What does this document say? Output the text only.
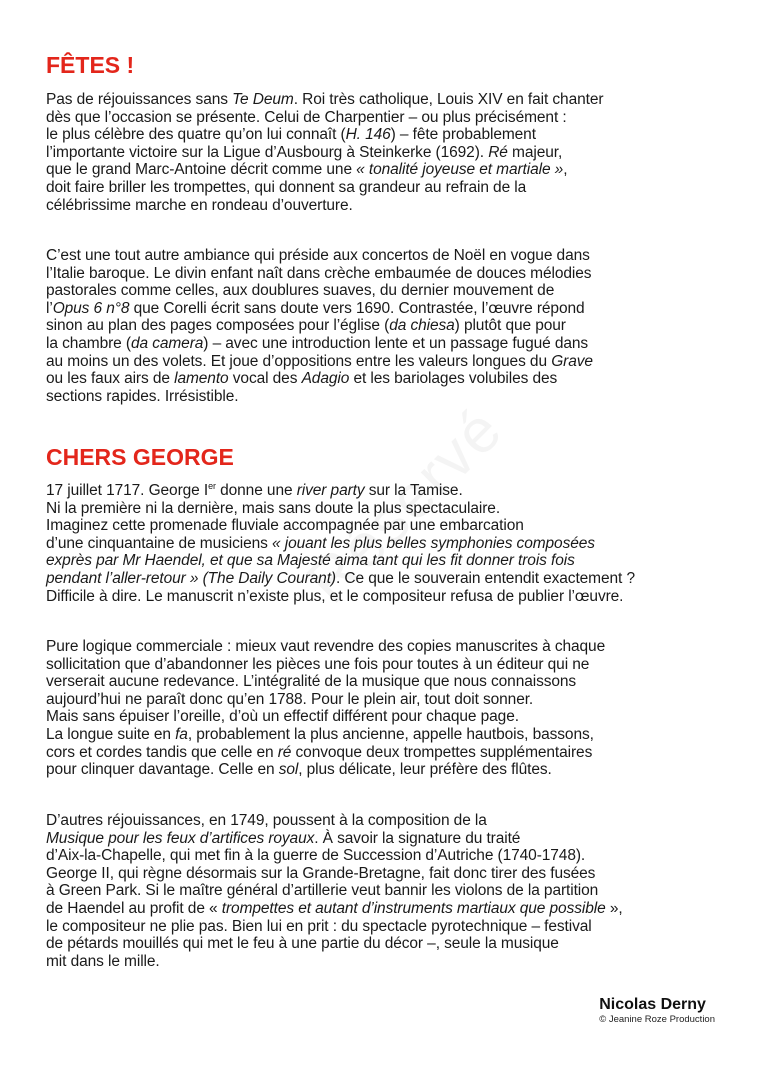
FÊTES !

Pas de réjouissances sans Te Deum. Roi très catholique, Louis XIV en fait chanter
dès que l’occasion se présente. Celui de Charpentier – ou plus précisément :
le plus célèbre des quatre qu’on lui connaît (H. 146) – fête probablement
l’importante victoire sur la Ligue d’Ausbourg à Steinkerke (1692). Ré majeur,
que le grand Marc-Antoine décrit comme une « tonalité joyeuse et martiale »,
doit faire briller les trompettes, qui donnent sa grandeur au refrain de la
célébrissime marche en rondeau d’ouverture.

C’est une tout autre ambiance qui préside aux concertos de Noël en vogue dans
l’Italie baroque. Le divin enfant naît dans crèche embaumée de douces mélodies
pastorales comme celles, aux doublures suaves, du dernier mouvement de
l’Opus 6 n°8 que Corelli écrit sans doute vers 1690. Contrastée, l’œuvre répond
sinon au plan des pages composées pour l’église (da chiesa) plutôt que pour
la chambre (da camera) – avec une introduction lente et un passage fugué dans
au moins un des volets. Et joue d’oppositions entre les valeurs longues du Grave
ou les faux airs de lamento vocal des Adagio et les bariolages volubiles des
sections rapides. Irrésistible.

CHERS GEORGE

17 juillet 1717. George Ier donne une river party sur la Tamise.
Ni la première ni la dernière, mais sans doute la plus spectaculaire.
Imaginez cette promenade fluviale accompagnée par une embarcation
d’une cinquantaine de musiciens « jouant les plus belles symphonies composées
exprès par Mr Haendel, et que sa Majesté aima tant qui les fit donner trois fois
pendant l’aller-retour » (The Daily Courant). Ce que le souverain entendit exactement ?
Difficile à dire. Le manuscrit n’existe plus, et le compositeur refusa de publier l’œuvre.

Pure logique commerciale : mieux vaut revendre des copies manuscrites à chaque
sollicitation que d’abandonner les pièces une fois pour toutes à un éditeur qui ne
verserait aucune redevance. L’intégralité de la musique que nous connaissons
aujourd’hui ne paraît donc qu’en 1788. Pour le plein air, tout doit sonner.
Mais sans épuiser l’oreille, d’où un effectif différent pour chaque page.
La longue suite en fa, probablement la plus ancienne, appelle hautbois, bassons,
cors et cordes tandis que celle en ré convoque deux trompettes supplémentaires
pour clinquer davantage. Celle en sol, plus délicate, leur préfère des flûtes.

D’autres réjouissances, en 1749, poussent à la composition de la
Musique pour les feux d’artifices royaux. À savoir la signature du traité
d’Aix-la-Chapelle, qui met fin à la guerre de Succession d’Autriche (1740-1748).
George II, qui règne désormais sur la Grande-Bretagne, fait donc tirer des fusées
à Green Park. Si le maître général d’artillerie veut bannir les violons de la partition
de Haendel au profit de « trompettes et autant d’instruments martiaux que possible »,
le compositeur ne plie pas. Bien lui en prit : du spectacle pyrotechnique – festival
de pétards mouillés qui met le feu à une partie du décor –, seule la musique
mit dans le mille.

Nicolas Derny
© Jeanine Roze Production
